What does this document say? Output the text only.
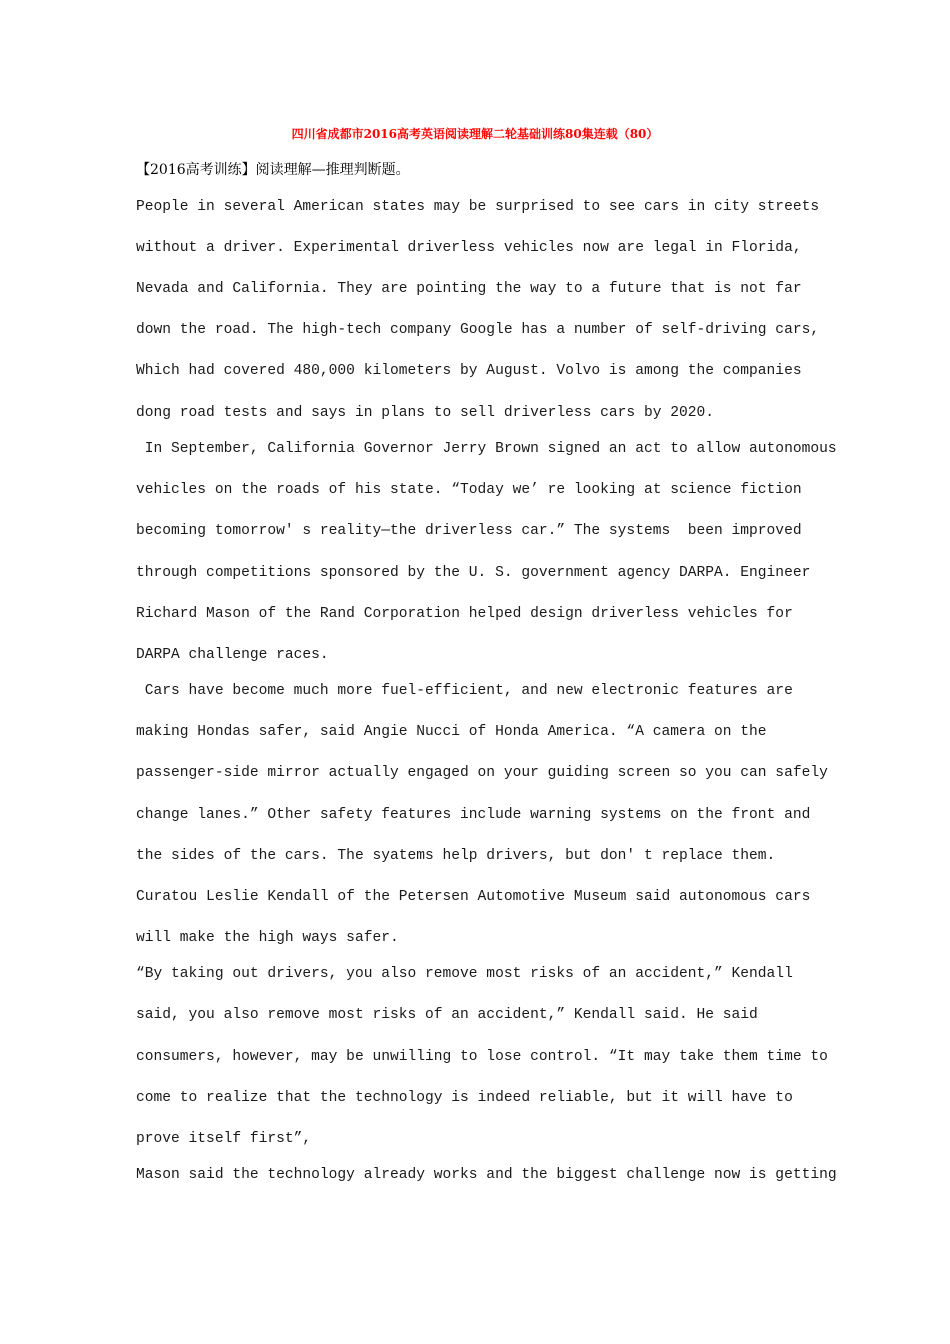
四川省成都市2016高考英语阅读理解二轮基础训练80集连载（80）
【2016高考训练】阅读理解—推理判断题。
People in several American states may be surprised to see cars in city streets
without a driver. Experimental driverless vehicles now are legal in Florida,
Nevada and California. They are pointing the way to a future that is not far
down the road. The high-tech company Google has a number of self-driving cars,
Which had covered 480,000 kilometers by August. Volvo is among the companies
dong road tests and says in plans to sell driverless cars by 2020.
In September, California Governor Jerry Brown signed an act to allow autonomous
vehicles on the roads of his state. “Today we’ re looking at science fiction
becoming tomorrow′ s reality—the driverless car.” The systems  been improved
through competitions sponsored by the U. S. government agency DARPA. Engineer
Richard Mason of the Rand Corporation helped design driverless vehicles for
DARPA challenge races.
Cars have become much more fuel-efficient, and new electronic features are
making Hondas safer, said Angie Nucci of Honda America. “A camera on the
passenger-side mirror actually engaged on your guiding screen so you can safely
change lanes.” Other safety features include warning systems on the front and
the sides of the cars. The syatems help drivers, but don′ t replace them.
Curatou Leslie Kendall of the Petersen Automotive Museum said autonomous cars
will make the high ways safer.
“By taking out drivers, you also remove most risks of an accident,” Kendall
said, you also remove most risks of an accident,” Kendall said. He said
consumers, however, may be unwilling to lose control. “It may take them time to
come to realize that the technology is indeed reliable, but it will have to
prove itself first”,
Mason said the technology already works and the biggest challenge now is getting
